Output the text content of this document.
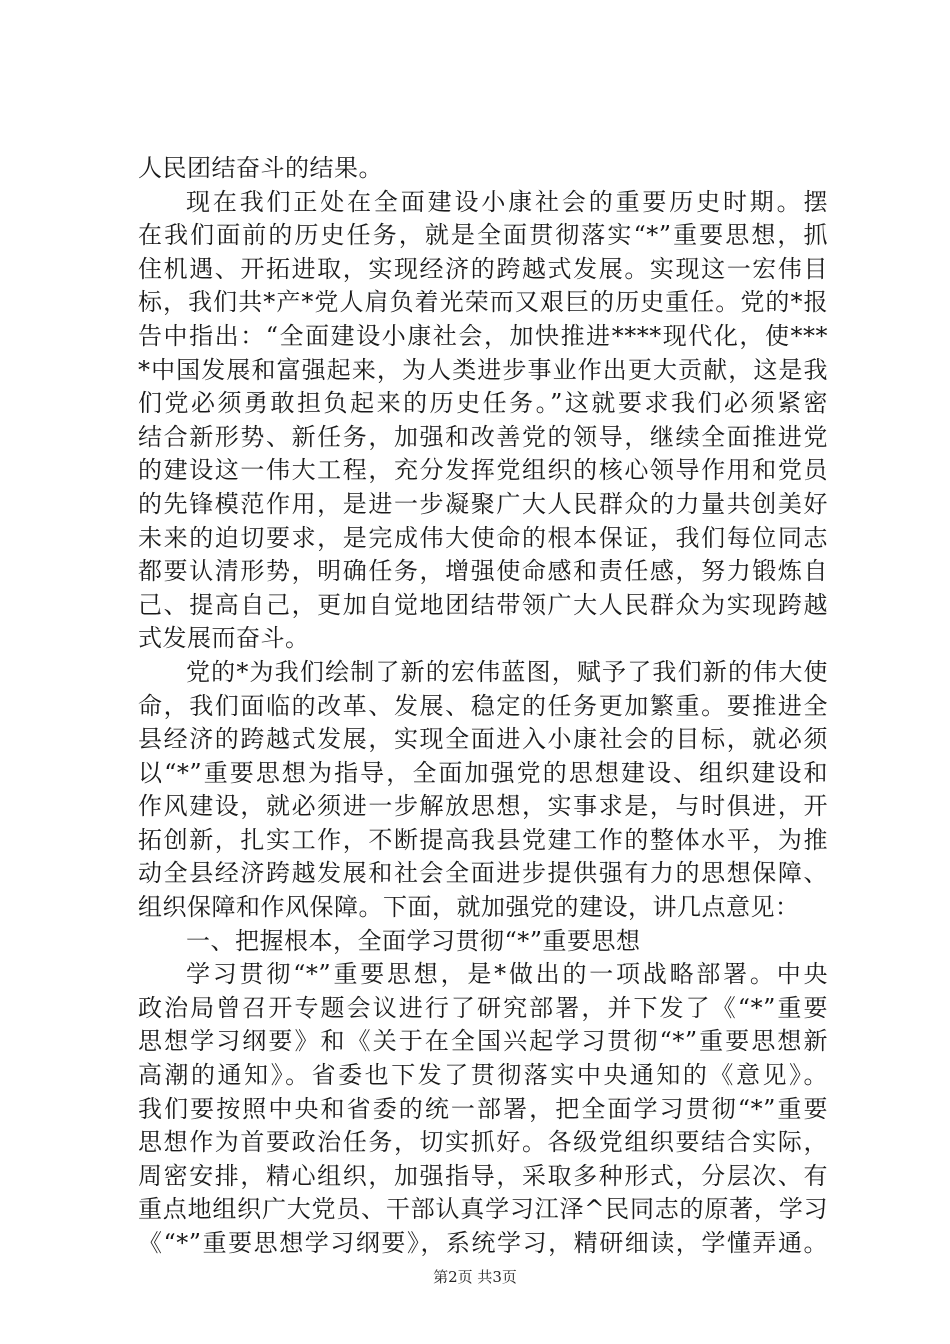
人民团结奋斗的结果。
现在我们正处在全面建设小康社会的重要历史时期。摆
在我们面前的历史任务，就是全面贯彻落实“*”重要思想，抓
住机遇、开拓进取，实现经济的跨越式发展。实现这一宏伟目
标，我们共*产*党人肩负着光荣而又艰巨的历史重任。党的*报
告中指出：“全面建设小康社会，加快推进****现代化，使***
*中国发展和富强起来，为人类进步事业作出更大贡献，这是我
们党必须勇敢担负起来的历史任务。”这就要求我们必须紧密
结合新形势、新任务，加强和改善党的领导，继续全面推进党
的建设这一伟大工程，充分发挥党组织的核心领导作用和党员
的先锋模范作用，是进一步凝聚广大人民群众的力量共创美好
未来的迫切要求，是完成伟大使命的根本保证，我们每位同志
都要认清形势，明确任务，增强使命感和责任感，努力锻炼自
己、提高自己，更加自觉地团结带领广大人民群众为实现跨越
式发展而奋斗。
党的*为我们绘制了新的宏伟蓝图，赋予了我们新的伟大使
命，我们面临的改革、发展、稳定的任务更加繁重。要推进全
县经济的跨越式发展，实现全面进入小康社会的目标，就必须
以“*”重要思想为指导，全面加强党的思想建设、组织建设和
作风建设，就必须进一步解放思想，实事求是，与时俱进，开
拓创新，扎实工作，不断提高我县党建工作的整体水平，为推
动全县经济跨越发展和社会全面进步提供强有力的思想保障、
组织保障和作风保障。下面，就加强党的建设，讲几点意见：
一、把握根本，全面学习贯彻“*”重要思想
学习贯彻“*”重要思想，是*做出的一项战略部署。中央
政治局曾召开专题会议进行了研究部署，并下发了《“*”重要
思想学习纲要》和《关于在全国兴起学习贯彻“*”重要思想新
高潮的通知》。省委也下发了贯彻落实中央通知的《意见》。
我们要按照中央和省委的统一部署，把全面学习贯彻“*”重要
思想作为首要政治任务，切实抓好。各级党组织要结合实际，
周密安排，精心组织，加强指导，采取多种形式，分层次、有
重点地组织广大党员、干部认真学习江泽^民同志的原著，学习
《“*”重要思想学习纲要》，系统学习，精研细读，学懂弄通。
第2页 共3页
